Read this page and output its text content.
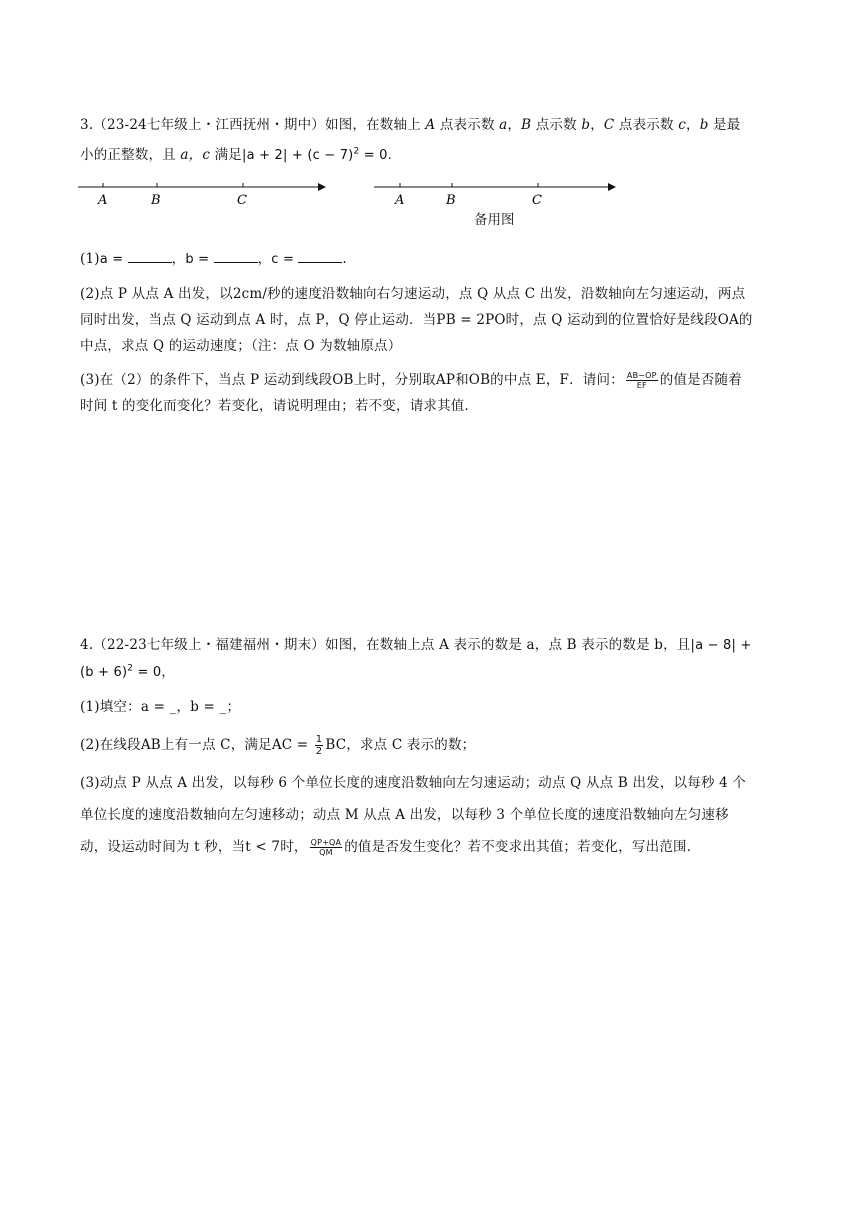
3.（23-24七年级上・江西抚州・期中）如图，在数轴上 A 点表示数 a，B 点示数 b，C 点表示数 c，b 是最
小的正整数，且 a，c 满足$|a + 2| + (c - 7)^2 = 0$.
A	B	C	A	B	C
备用图
(1)a =	，b =	，c =	.
(2)点 P 从点 A 出发，以2cm/秒的速度沿数轴向右匀速运动，点 Q 从点 C 出发，沿数轴向左匀速运动，两点
同时出发，当点 Q 运动到点 A 时，点 P，Q 停止运动．当PB = 2PO时，点 Q 运动到的位置恰好是线段OA的
中点，求点 Q 的运动速度；（注：点 O 为数轴原点）
(3)在（2）的条件下，当点 P 运动到线段OB上时，分别取AP和OB的中点 E，F．请问： $\frac{AB-OP}{EF}$ 的值是否随着
时间 t 的变化而变化？若变化，请说明理由；若不变，请求其值．
4.（22-23七年级上・福建福州・期末）如图，在数轴上点 A 表示的数是 a，点 B 表示的数是 b，且|a − 8| +
$(b + 6)^2 = 0$，
(1)填空：a = _，b = _；
(2)在线段AB上有一点 C，满足AC = $\frac{1}{2}$ BC，求点 C 表示的数；
(3)动点 P 从点 A 出发，以每秒 6 个单位长度的速度沿数轴向左匀速运动；动点 Q 从点 B 出发，以每秒 4 个
单位长度的速度沿数轴向左匀速移动；动点 M 从点 A 出发，以每秒 3 个单位长度的速度沿数轴向左匀速移
动，设运动时间为 t 秒，当t < 7时， $\frac{QP+QA}{QM}$ 的值是否发生变化？若不变求出其值；若变化，写出范围．
